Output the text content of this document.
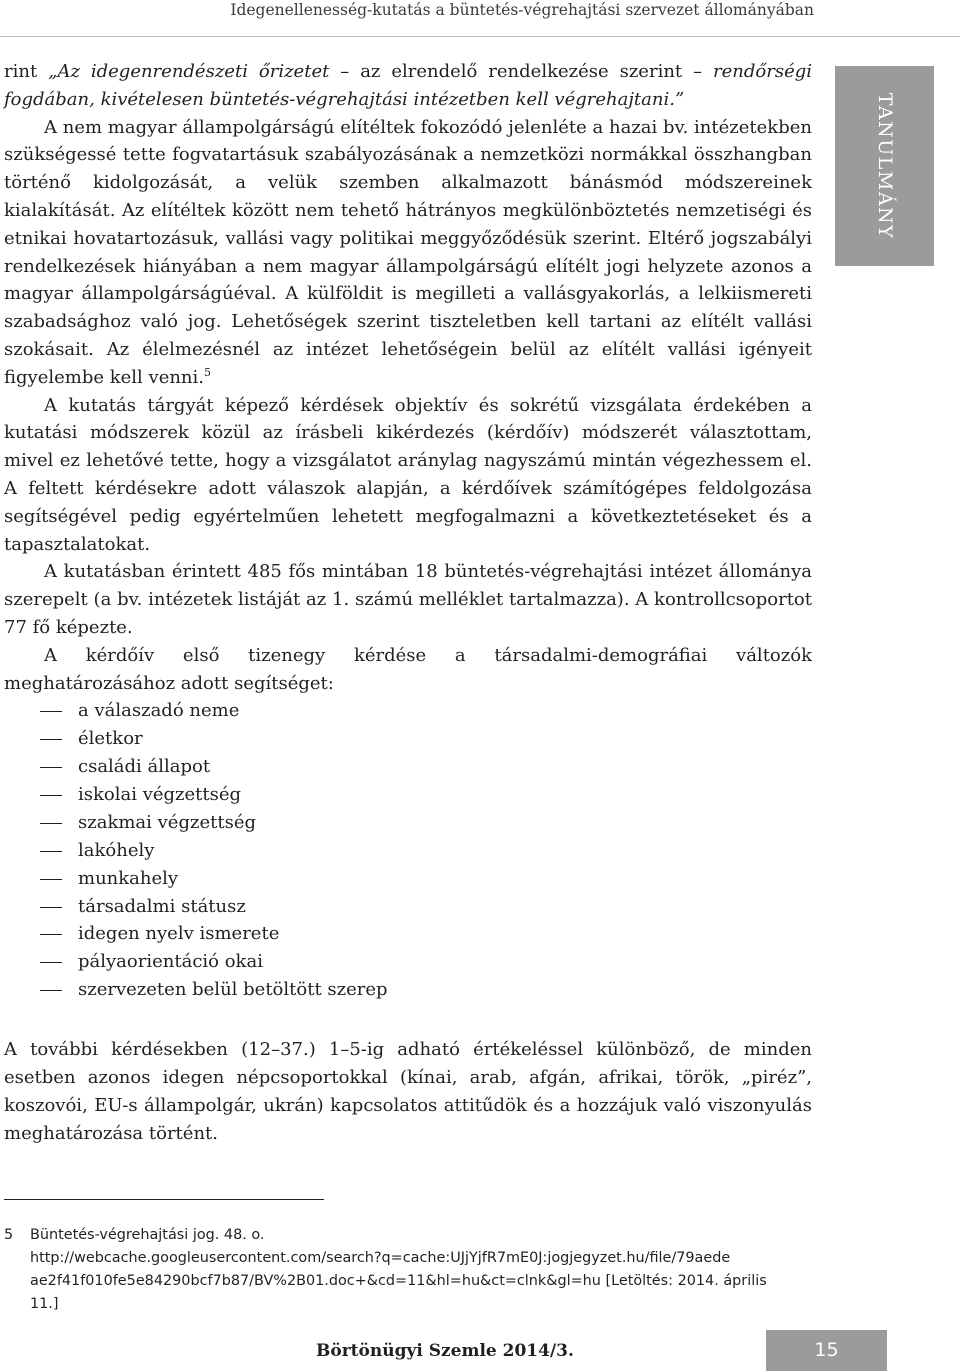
Idegenellenesség-kutatás a büntetés-végrehajtási szervezet állományában
TANULMÁNY

rint „Az idegenrendészeti őrizetet – az elrendelő rendelkezése szerint – rendőrségi fogdában, kivételesen büntetés-végrehajtási intézetben kell végrehajtani.”

A nem magyar állampolgárságú elítéltek fokozódó jelenléte a hazai bv. intézetekben szükségessé tette fogvatartásuk szabályozásának a nemzetközi normákkal összhangban történő kidolgozását, a velük szemben alkalmazott bánásmód módszereinek kialakítását. Az elítéltek között nem tehető hátrányos megkülönböztetés nemzetiségi és etnikai hovatartozásuk, vallási vagy politikai meggyőződésük szerint. Eltérő jogszabályi rendelkezések hiányában a nem magyar állampolgárságú elítélt jogi helyzete azonos a magyar állampolgárságúéval. A külföldit is megilleti a vallásgyakorlás, a lelkiismereti szabadsághoz való jog. Lehetőségek szerint tiszteletben kell tartani az elítélt vallási szokásait. Az élelmezésnél az intézet lehetőségein belül az elítélt vallási igényeit figyelembe kell venni.$^5$

A kutatás tárgyát képező kérdések objektív és sokrétű vizsgálata érdekében a kutatási módszerek közül az írásbeli kikérdezés (kérdőív) módszerét választottam, mivel ez lehetővé tette, hogy a vizsgálatot aránylag nagyszámú mintán végezhessem el. A feltett kérdésekre adott válaszok alapján, a kérdőívek számítógépes feldolgozása segítségével pedig egyértelműen lehetett megfogalmazni a következtetéseket és a tapasztalatokat.

A kutatásban érintett 485 fős mintában 18 büntetés-végrehajtási intézet állománya szerepelt (a bv. intézetek listáját az 1. számú melléklet tartalmazza). A kontrollcsoportot 77 fő képezte.

A kérdőív első tizenegy kérdése a társadalmi-demográfiai változók meghatározásához adott segítséget:

a válaszadó neme
életkor
családi állapot
iskolai végzettség
szakmai végzettség
lakóhely
munkahely
társadalmi státusz
idegen nyelv ismerete
pályaorientáció okai
szervezeten belül betöltött szerep

A további kérdésekben (12–37.) 1–5-ig adható értékeléssel különböző, de minden esetben azonos idegen népcsoportokkal (kínai, arab, afgán, afrikai, török, „piréz”, koszovói, EU-s állampolgár, ukrán) kapcsolatos attitűdök és a hozzájuk való viszonyulás meghatározása történt.

5 Büntetés-végrehajtási jog. 48. o.
http://webcache.googleusercontent.com/search?q=cache:UJjYjfR7mE0J:jogjegyzet.hu/file/79aede
ae2f41f010fe5e84290bcf7b87/BV%2B01.doc+&cd=11&hl=hu&ct=clnk&gl=hu [Letöltés: 2014. április
11.]
Börtönügyi Szemle 2014/3.	15
